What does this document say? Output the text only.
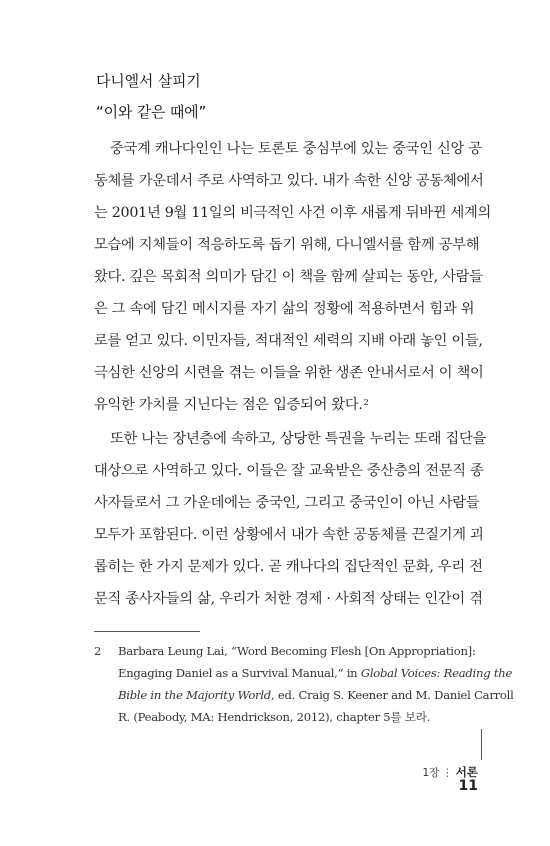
다니엘서 살피기
“이와 같은 때에”
중국계 캐나다인인 나는 토론토 중심부에 있는 중국인 신앙 공
동체를 가운데서 주로 사역하고 있다. 내가 속한 신앙 공동체에서
는 2001년 9월 11일의 비극적인 사건 이후 새롭게 뒤바뀐 세계의
모습에 지체들이 적응하도록 돕기 위해, 다니엘서를 함께 공부해
왔다. 깊은 목회적 의미가 담긴 이 책을 함께 살피는 동안, 사람들
은 그 속에 담긴 메시지를 자기 삶의 정황에 적용하면서 힘과 위
로를 얻고 있다. 이민자들, 적대적인 세력의 지배 아래 놓인 이들,
극심한 신앙의 시련을 겪는 이들을 위한 생존 안내서로서 이 책이
유익한 가치를 지닌다는 점은 입증되어 왔다.$^2$
또한 나는 장년층에 속하고, 상당한 특권을 누리는 또래 집단을
대상으로 사역하고 있다. 이들은 잘 교육받은 중산층의 전문직 종
사자들로서 그 가운데에는 중국인, 그리고 중국인이 아닌 사람들
모두가 포함된다. 이런 상황에서 내가 속한 공동체를 끈질기게 괴
롭히는 한 가지 문제가 있다. 곧 캐나다의 집단적인 문화, 우리 전
문직 종사자들의 삶, 우리가 처한 경제 · 사회적 상태는 인간이 겪
2 Barbara Leung Lai, “Word Becoming Flesh [On Appropriation]:
Engaging Daniel as a Survival Manual,” in Global Voices: Reading the
Bible in the Majority World, ed. Craig S. Keener and M. Daniel Carroll
R. (Peabody, MA: Hendrickson, 2012), chapter 5를 보라.
1장 ⋮ 서론
11
